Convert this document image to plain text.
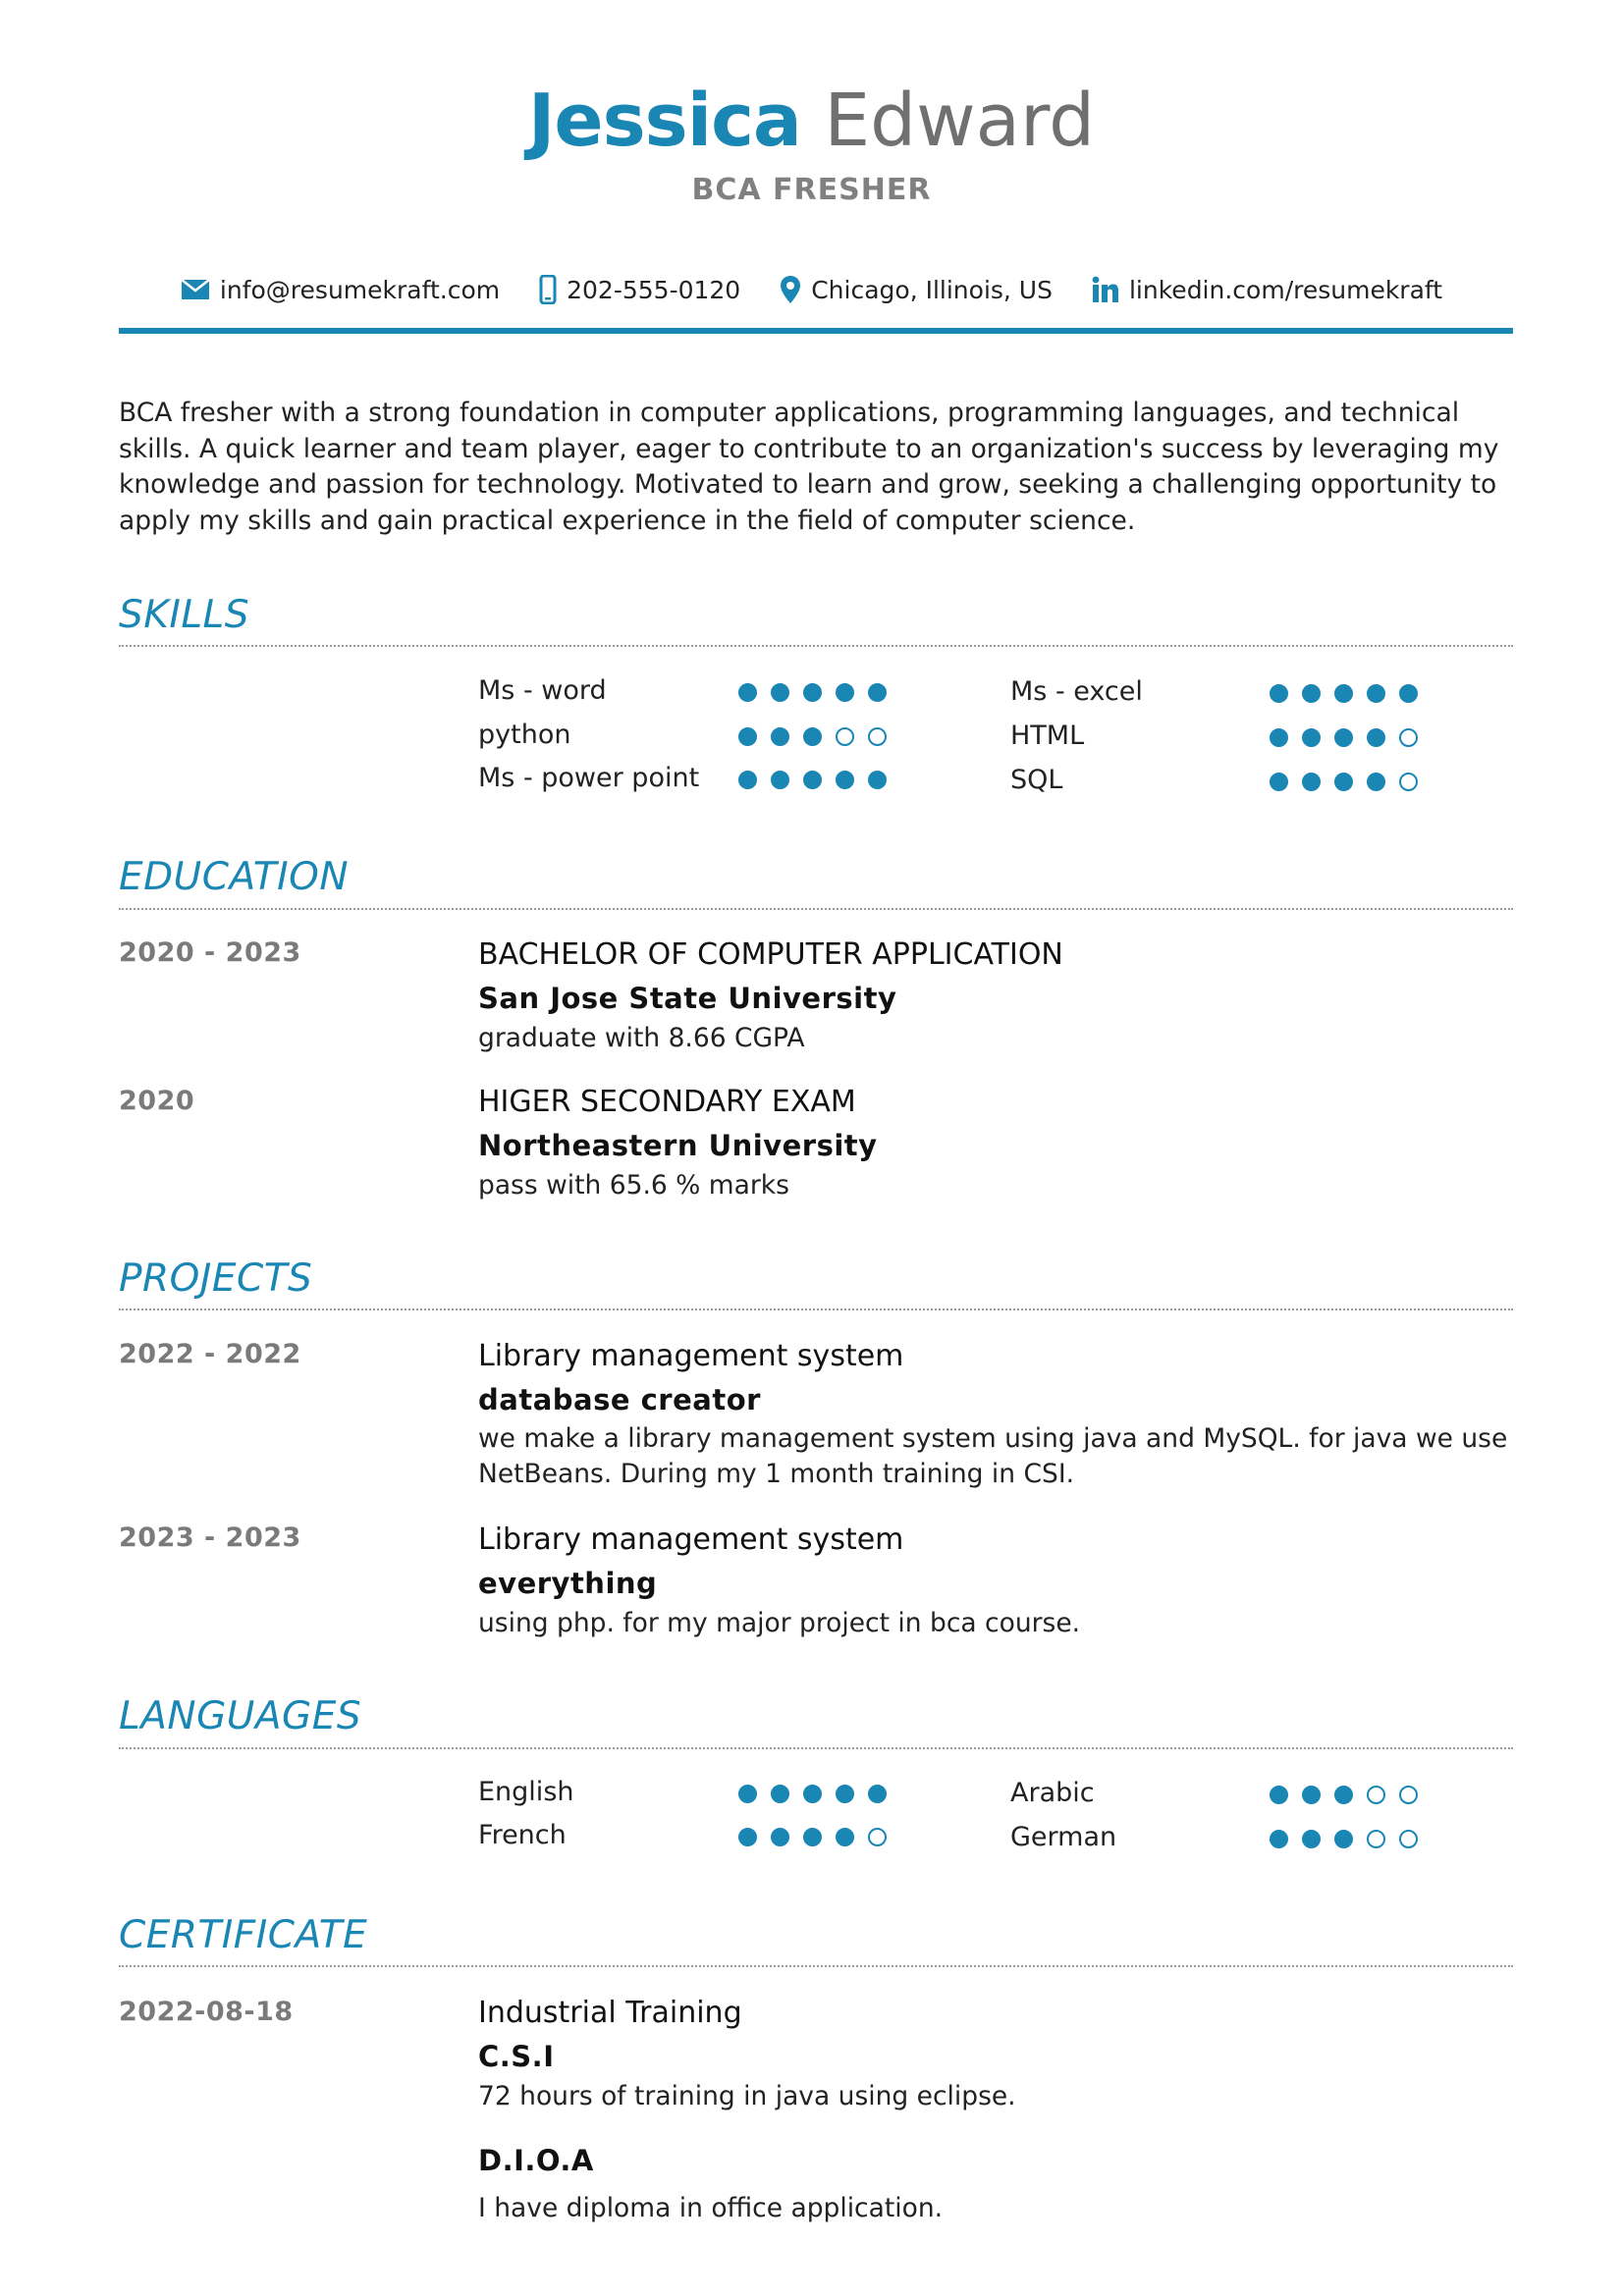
Jessica Edward
BCA FRESHER
info@resumekraft.com	202-555-0120	Chicago, Illinois, US	linkedin.com/resumekraft
BCA fresher with a strong foundation in computer applications, programming languages, and technical skills. A quick learner and team player, eager to contribute to an organization's success by leveraging my knowledge and passion for technology. Motivated to learn and grow, seeking a challenging opportunity to apply my skills and gain practical experience in the field of computer science.
SKILLS
Ms - word	Ms - excel
python	HTML
Ms - power point	SQL
EDUCATION
2020 - 2023	BACHELOR OF COMPUTER APPLICATION
San Jose State University
graduate with 8.66 CGPA
2020	HIGER SECONDARY EXAM
Northeastern University
pass with 65.6 % marks
PROJECTS
2022 - 2022	Library management system
database creator
we make a library management system using java and MySQL. for java we use NetBeans. During my 1 month training in CSI.
2023 - 2023	Library management system
everything
using php. for my major project in bca course.
LANGUAGES
English	Arabic
French	German
CERTIFICATE
2022-08-18	Industrial Training
C.S.I
72 hours of training in java using eclipse.
D.I.O.A
I have diploma in office application.
